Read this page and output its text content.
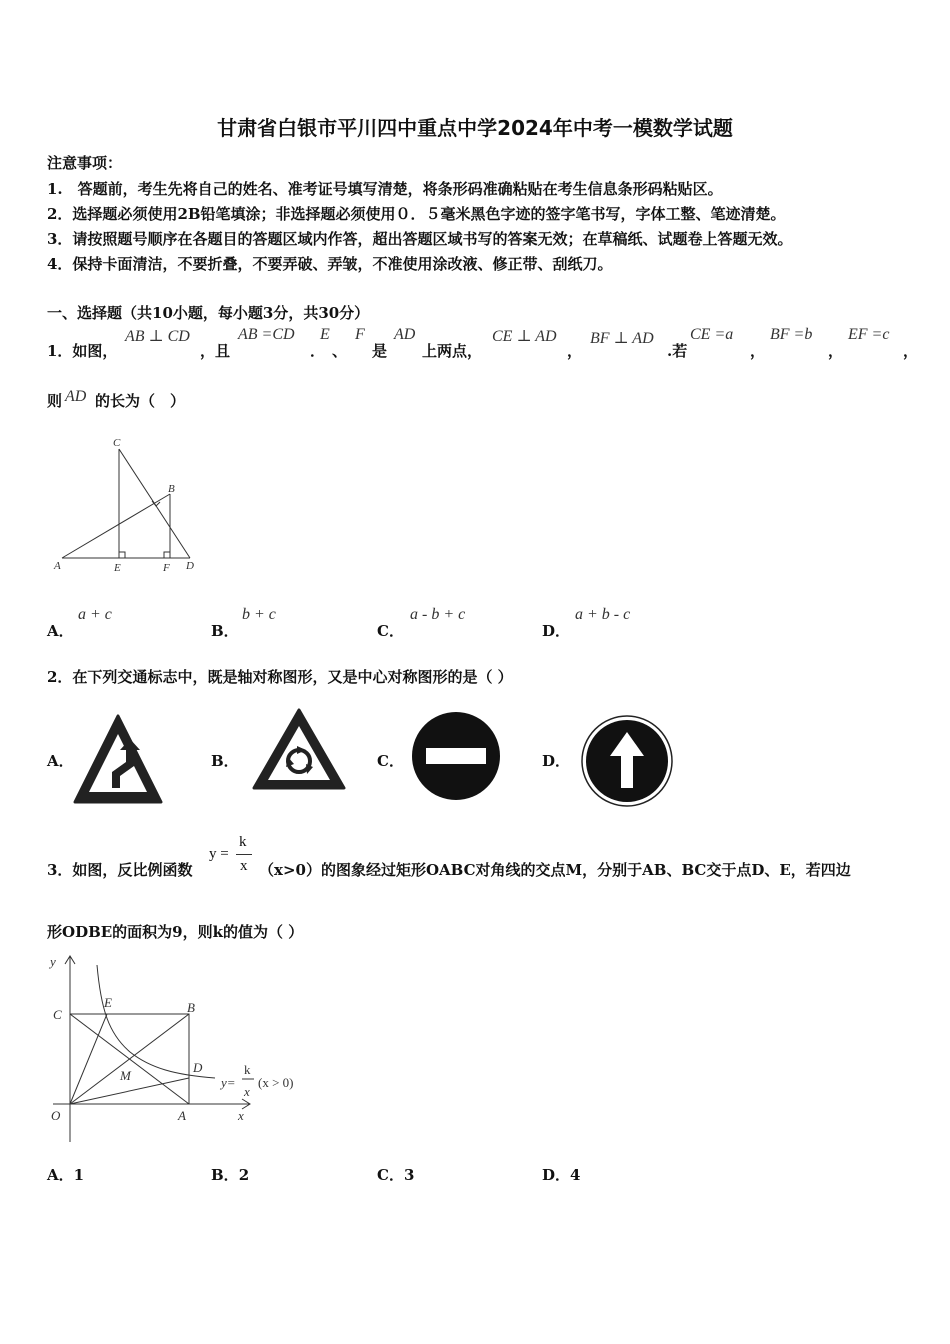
甘肃省白银市平川四中重点中学2024年中考一模数学试题
注意事项：
1.　答题前，考生先将自己的姓名、准考证号填写清楚，将条形码准确粘贴在考生信息条形码粘贴区。
2．选择题必须使用2B铅笔填涂；非选择题必须使用０．５毫米黑色字迹的签字笔书写，字体工整、笔迹清楚。
3．请按照题号顺序在各题目的答题区域内作答，超出答题区域书写的答案无效；在草稿纸、试题卷上答题无效。
4．保持卡面清洁，不要折叠，不要弄破、弄皱，不准使用涂改液、修正带、刮纸刀。
一、选择题（共10小题，每小题3分，共30分）
1．如图，
AB ⊥ CD
，且
AB =CD
．
E
、
F
是
AD
上两点，
CE ⊥ AD
，
BF ⊥ AD
.若
CE =a
，
BF =b
，
EF =c
，
则 AD 的长为（　）
C
B
A	E	F D
A．
a + c
B．
b + c
C．
a - b + c
D．
a + b - c
2．在下列交通标志中，既是轴对称图形，又是中心对称图形的是（ ）
A．	B．	C．	D．
3．如图，反比例函数
y =
k
x （x>0）的图象经过矩形OABC对角线的交点M，分别于AB、BC交于点D、E，若四边
形ODBE的面积为9，则k的值为（ ）
y
C
E	B
D
M
O	A	x
y=
k
x
(x > 0)
A．1	B．2	C．3	D．4
